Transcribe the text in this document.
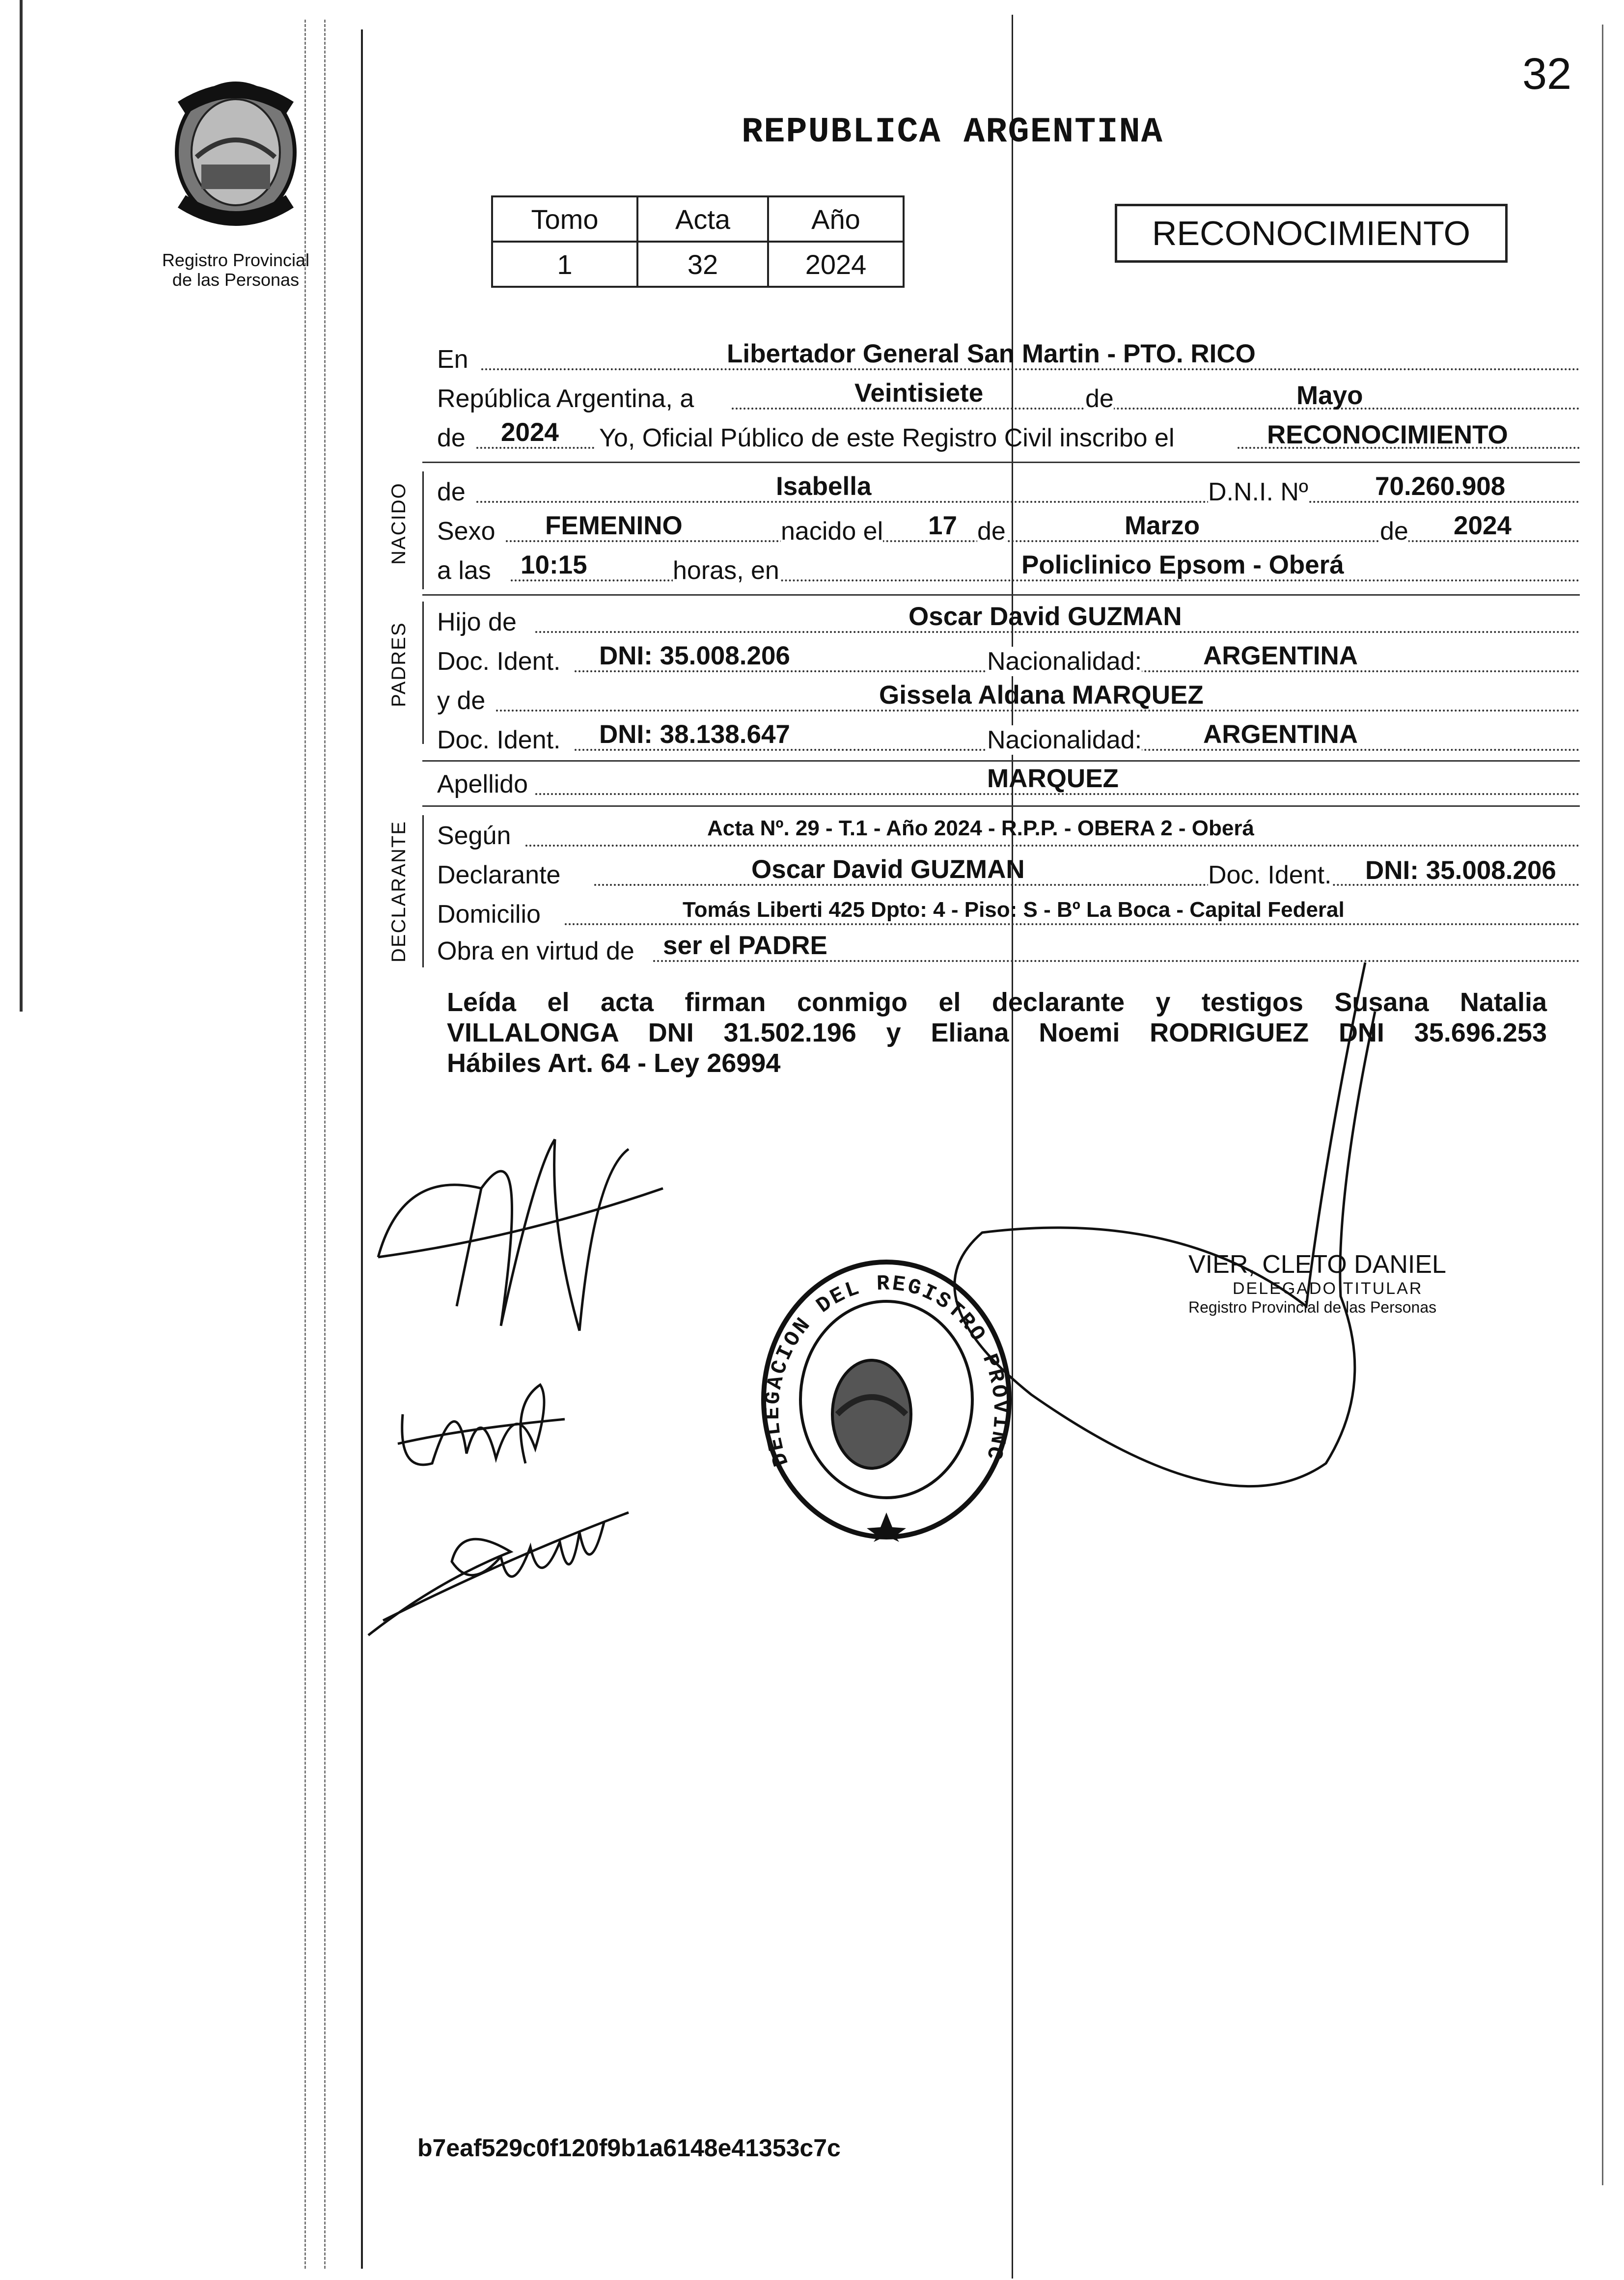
Registro Provincial
de las Personas
32
REPUBLICA ARGENTINA
Tomo	Acta	Año
1	32	2024
RECONOCIMIENTO
En	Libertador General San Martin - PTO. RICO
República Argentina, a	Veintisiete	de	Mayo
de 2024 Yo, Oficial Público de este Registro Civil inscribo el	RECONOCIMIENTO
NACIDO de	Isabella	D.N.I. Nº	70.260.908
Sexo FEMENINO	nacido el 17 de	Marzo	de 2024
a las 10:15	horas, en	Policlinico Epsom - Oberá
PADRES Hijo de	Oscar David GUZMAN
Doc. Ident. DNI: 35.008.206	Nacionalidad: ARGENTINA
y de	Gissela Aldana MARQUEZ
Doc. Ident. DNI: 38.138.647	Nacionalidad: ARGENTINA
Apellido	MARQUEZ
DECLARANTE Según	Acta Nº. 29 - T.1 - Año 2024 - R.P.P. - OBERA 2 - Oberá
Declarante	Oscar David GUZMAN	Doc. Ident. DNI: 35.008.206
Domicilio	Tomás Liberti 425 Dpto: 4 - Piso: S - Bº La Boca - Capital Federal
Obra en virtud de ser el PADRE
Leída el acta firman conmigo el declarante y testigos Susana Natalia
VILLALONGA DNI 31.502.196 y Eliana Noemi RODRIGUEZ DNI 35.696.253
Hábiles Art. 64 - Ley 26994
VIER, CLETO DANIEL
DELEGADO TITULAR
Registro Provincial de las Personas
DELEGACION DEL REGISTRO PROVINC
b7eaf529c0f120f9b1a6148e41353c7c
